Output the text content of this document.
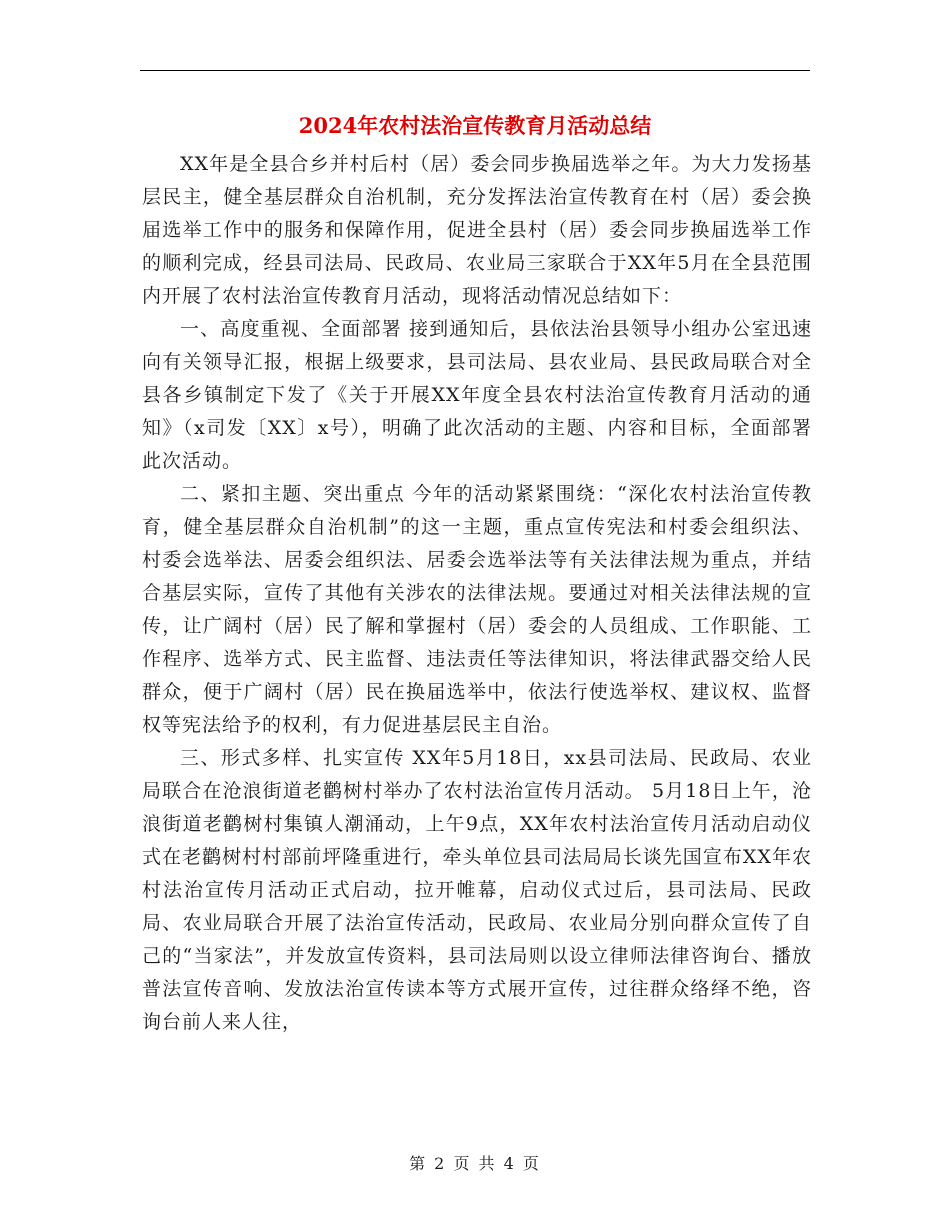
2024年农村法治宣传教育月活动总结

XX年是全县合乡并村后村（居）委会同步换届选举之年。为大力发扬基层民主，健全基层群众自治机制，充分发挥法治宣传教育在村（居）委会换届选举工作中的服务和保障作用，促进全县村（居）委会同步换届选举工作的顺利完成，经县司法局、民政局、农业局三家联合于XX年5月在全县范围内开展了农村法治宣传教育月活动，现将活动情况总结如下：

一、高度重视、全面部署 接到通知后，县依法治县领导小组办公室迅速向有关领导汇报，根据上级要求，县司法局、县农业局、县民政局联合对全县各乡镇制定下发了《关于开展XX年度全县农村法治宣传教育月活动的通知》（x司发〔XX〕x号），明确了此次活动的主题、内容和目标，全面部署此次活动。

二、紧扣主题、突出重点 今年的活动紧紧围绕：“深化农村法治宣传教育，健全基层群众自治机制”的这一主题，重点宣传宪法和村委会组织法、村委会选举法、居委会组织法、居委会选举法等有关法律法规为重点，并结合基层实际，宣传了其他有关涉农的法律法规。要通过对相关法律法规的宣传，让广阔村（居）民了解和掌握村（居）委会的人员组成、工作职能、工作程序、选举方式、民主监督、违法责任等法律知识，将法律武器交给人民群众，便于广阔村（居）民在换届选举中，依法行使选举权、建议权、监督权等宪法给予的权利，有力促进基层民主自治。

三、形式多样、扎实宣传 XX年5月18日，xx县司法局、民政局、农业局联合在沧浪街道老鹳树村举办了农村法治宣传月活动。 5月18日上午，沧浪街道老鹳树村集镇人潮涌动，上午9点，XX年农村法治宣传月活动启动仪式在老鹳树村村部前坪隆重进行，牵头单位县司法局局长谈先国宣布XX年农村法治宣传月活动正式启动，拉开帷幕，启动仪式过后，县司法局、民政局、农业局联合开展了法治宣传活动，民政局、农业局分别向群众宣传了自己的“当家法”，并发放宣传资料，县司法局则以设立律师法律咨询台、播放普法宣传音响、发放法治宣传读本等方式展开宣传，过往群众络绎不绝，咨询台前人来人往，

第 2 页 共 4 页
